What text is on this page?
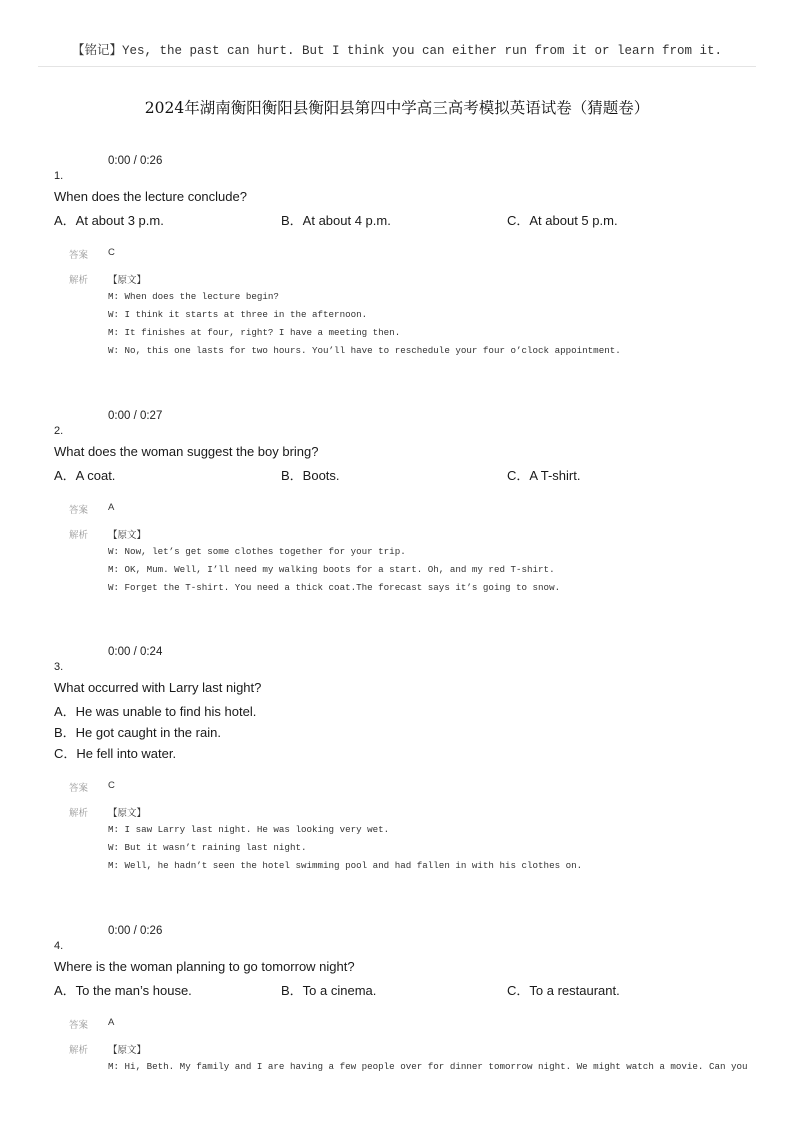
【铭记】Yes, the past can hurt. But I think you can either run from it or learn from it.
2024年湖南衡阳衡阳县衡阳县第四中学高三高考模拟英语试卷（猜题卷）
0:00 / 0:26
1.
When does the lecture conclude?
A．At about 3 p.m.	B．At about 4 p.m.	C．At about 5 p.m.
答案 C
解析 【原文】
M: When does the lecture begin?
W: I think it starts at three in the afternoon.
M: It finishes at four, right? I have a meeting then.
W: No, this one lasts for two hours. You’ll have to reschedule your four o’clock appointment.
0:00 / 0:27
2.
What does the woman suggest the boy bring?
A．A coat.	B．Boots.	C．A T-shirt.
答案 A
解析 【原文】
W: Now, let’s get some clothes together for your trip.
M: OK, Mum. Well, I’ll need my walking boots for a start. Oh, and my red T-shirt.
W: Forget the T-shirt. You need a thick coat.The forecast says it’s going to snow.
0:00 / 0:24
3.
What occurred with Larry last night?
A．He was unable to find his hotel.
B．He got caught in the rain.
C．He fell into water.
答案 C
解析 【原文】
M: I saw Larry last night. He was looking very wet.
W: But it wasn’t raining last night.
M: Well, he hadn’t seen the hotel swimming pool and had fallen in with his clothes on.
0:00 / 0:26
4.
Where is the woman planning to go tomorrow night?
A．To the man’s house.	B．To a cinema.	C．To a restaurant.
答案 A
解析 【原文】
M: Hi, Beth. My family and I are having a few people over for dinner tomorrow night. We might watch a movie. Can you
